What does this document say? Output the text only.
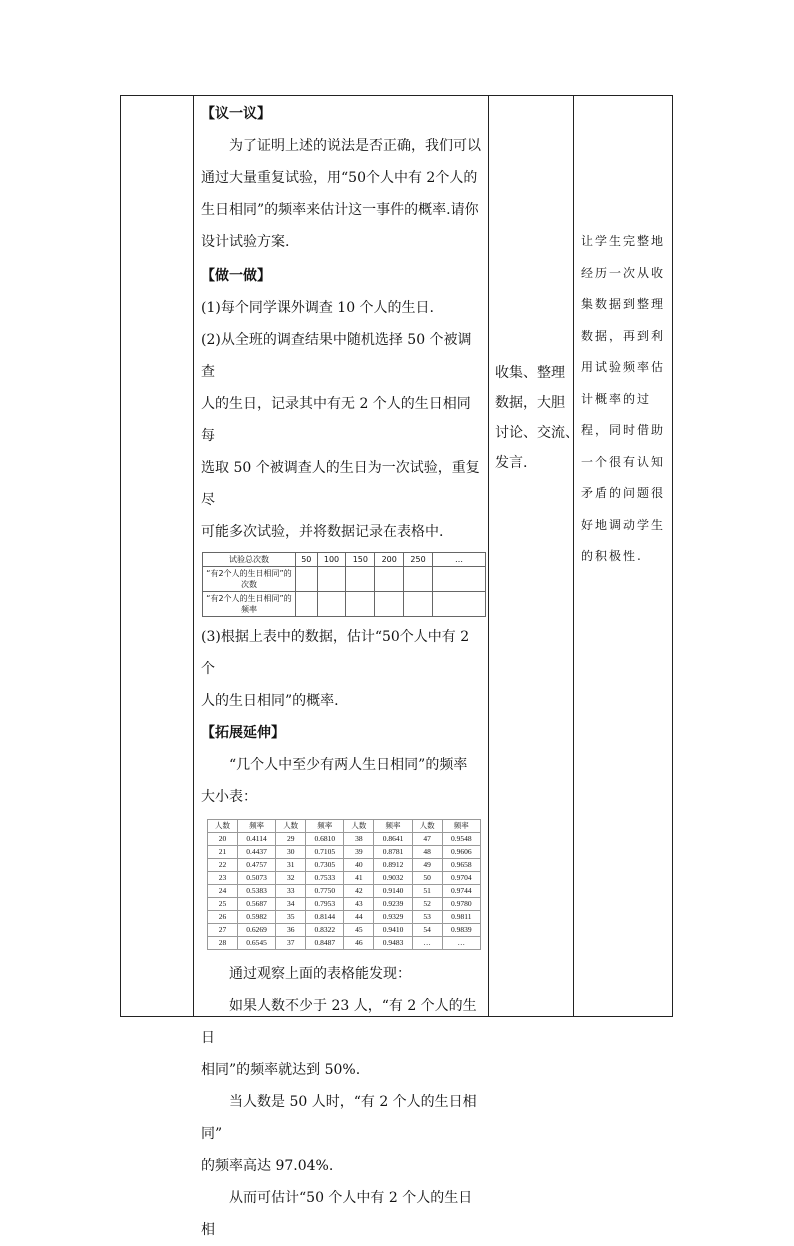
【议一议】

为了证明上述的说法是否正确，我们可以

通过大量重复试验，用“50个人中有 2个人的

生日相同”的频率来估计这一事件的概率.请你

设计试验方案.

【做一做】

(1)每个同学课外调查 10 个人的生日.

(2)从全班的调查结果中随机选择 50 个被调查

人的生日，记录其中有无 2 个人的生日相同每

选取 50 个被调查人的生日为一次试验，重复尽

可能多次试验，并将数据记录在表格中.

试验总次数	50	100	150	200	250	…
“有2个人的生日相同”的次数						
“有2个人的生日相同”的频率						

(3)根据上表中的数据，估计“50个人中有 2个

人的生日相同”的概率.

【拓展延伸】

“几个人中至少有两人生日相同”的频率

大小表：

人数	频率	人数	频率	人数	频率	人数	频率
20	0.4114	29	0.6810	38	0.8641	47	0.9548
21	0.4437	30	0.7105	39	0.8781	48	0.9606
22	0.4757	31	0.7305	40	0.8912	49	0.9658
23	0.5073	32	0.7533	41	0.9032	50	0.9704
24	0.5383	33	0.7750	42	0.9140	51	0.9744
25	0.5687	34	0.7953	43	0.9239	52	0.9780
26	0.5982	35	0.8144	44	0.9329	53	0.9811
27	0.6269	36	0.8322	45	0.9410	54	0.9839
28	0.6545	37	0.8487	46	0.9483	…	…

通过观察上面的表格能发现：

如果人数不少于 23 人，“有 2 个人的生日

相同”的频率就达到 50%.

当人数是 50 人时，“有 2 个人的生日相同”

的频率高达 97.04%.

从而可估计“50 个人中有 2 个人的生日相

收集、整理
数据，大胆
讨论、交流、
发言.
让学生完整地经历一次从收集数据到整理数据，再到利用试验频率估计概率的过程，同时借助一个很有认知矛盾的问题很好地调动学生的积极性.
